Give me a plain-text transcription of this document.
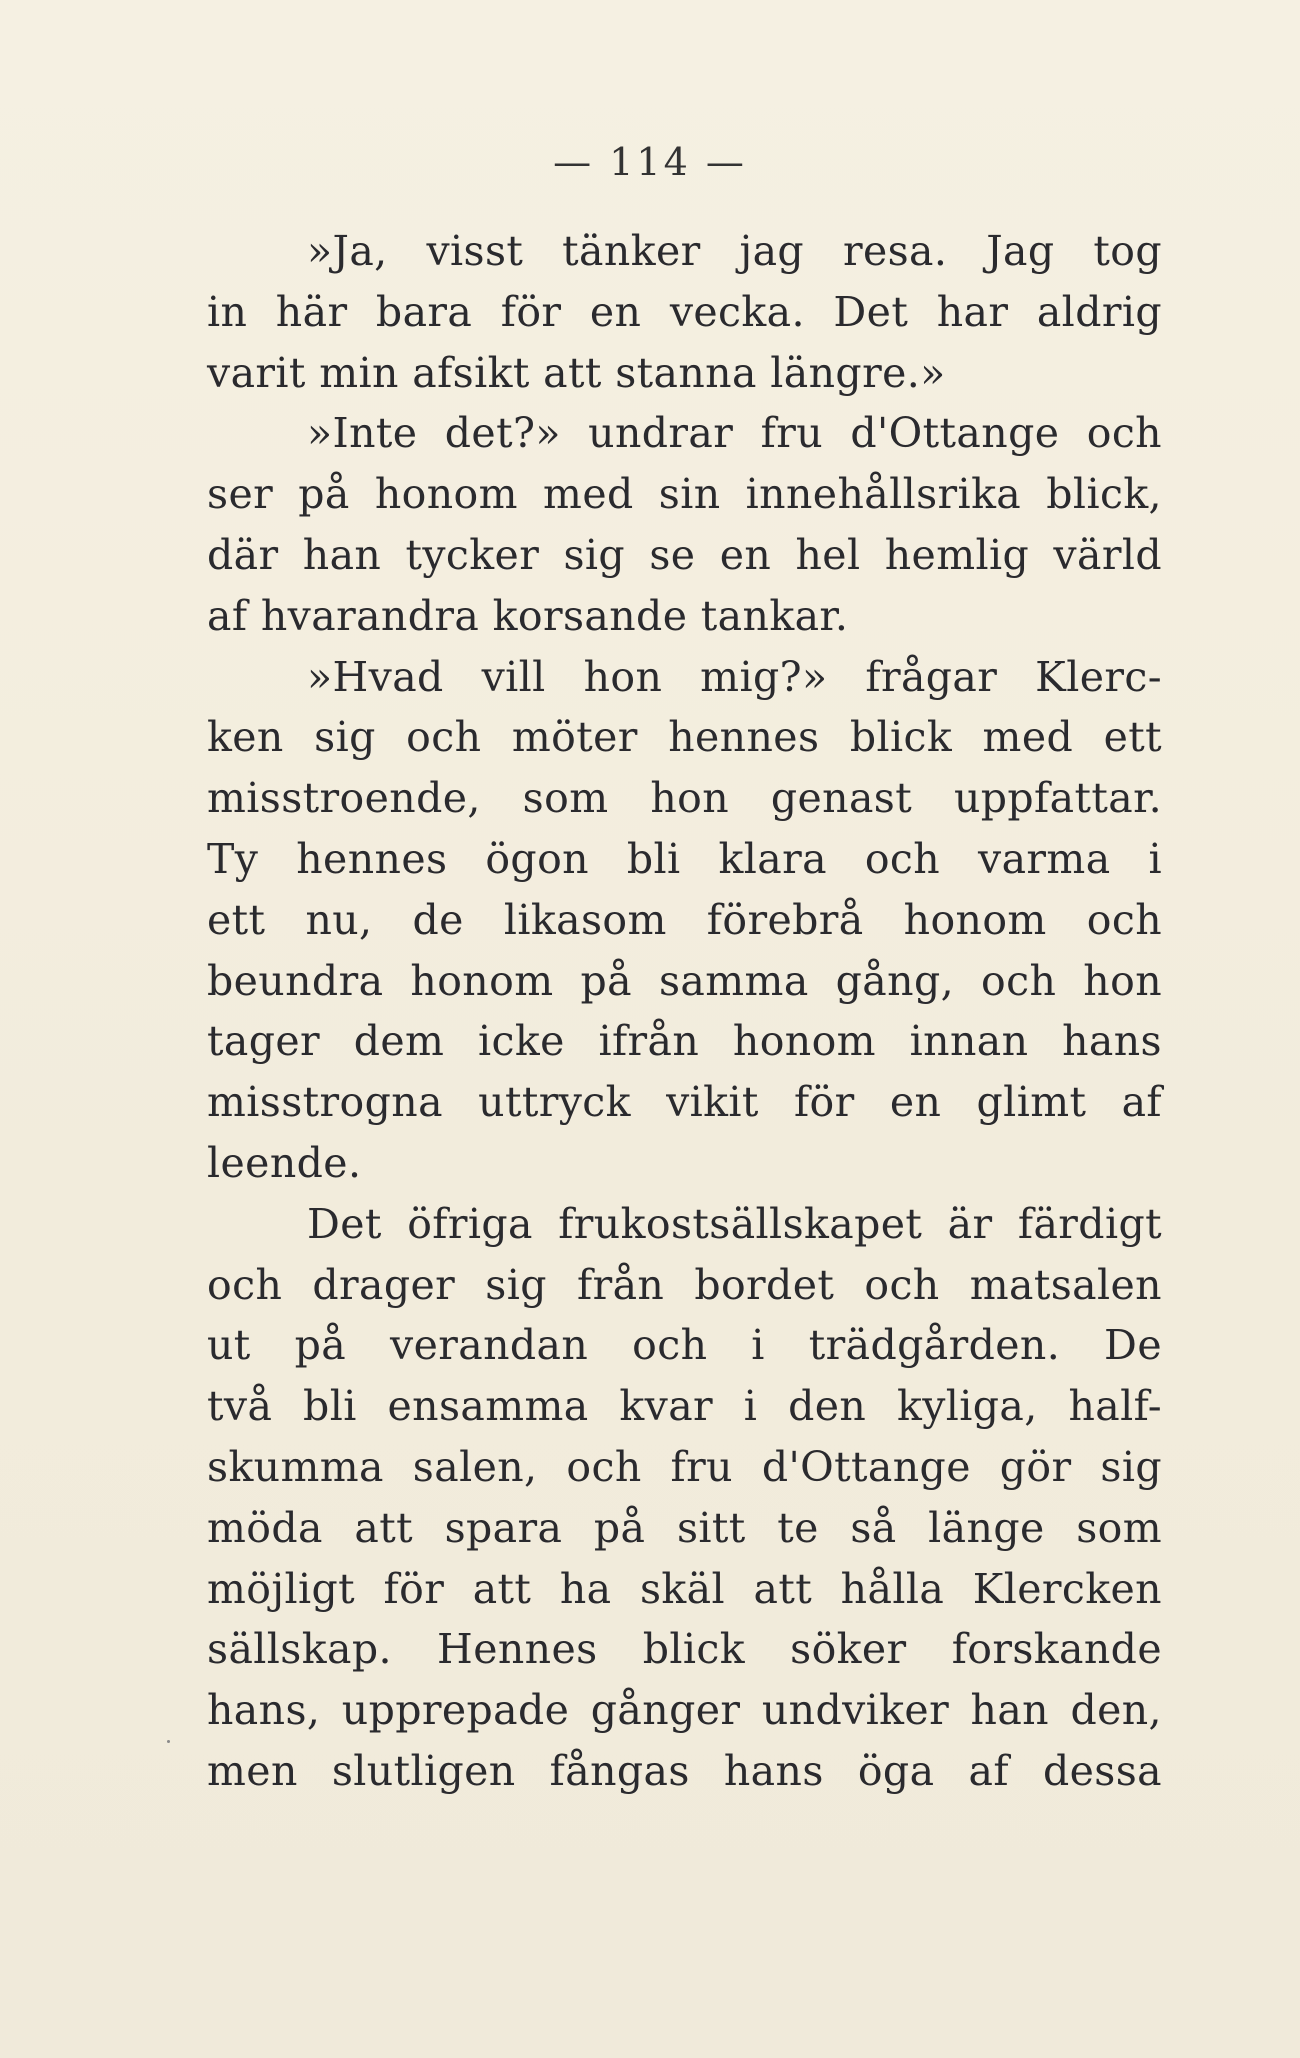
— 114 —
»Ja, visst tänker jag resa. Jag tog
in här bara för en vecka. Det har aldrig
varit min afsikt att stanna längre.»
»Inte det?» undrar fru d'Ottange och
ser på honom med sin innehållsrika blick,
där han tycker sig se en hel hemlig värld
af hvarandra korsande tankar.
»Hvad vill hon mig?» frågar Klerc-
ken sig och möter hennes blick med ett
misstroende, som hon genast uppfattar.
Ty hennes ögon bli klara och varma i
ett nu, de likasom förebrå honom och
beundra honom på samma gång, och hon
tager dem icke ifrån honom innan hans
misstrogna uttryck vikit för en glimt af
leende.
Det öfriga frukostsällskapet är färdigt
och drager sig från bordet och matsalen
ut på verandan och i trädgården. De
två bli ensamma kvar i den kyliga, half-
skumma salen, och fru d'Ottange gör sig
möda att spara på sitt te så länge som
möjligt för att ha skäl att hålla Klercken
sällskap. Hennes blick söker forskande
hans, upprepade gånger undviker han den,
men slutligen fångas hans öga af dessa
